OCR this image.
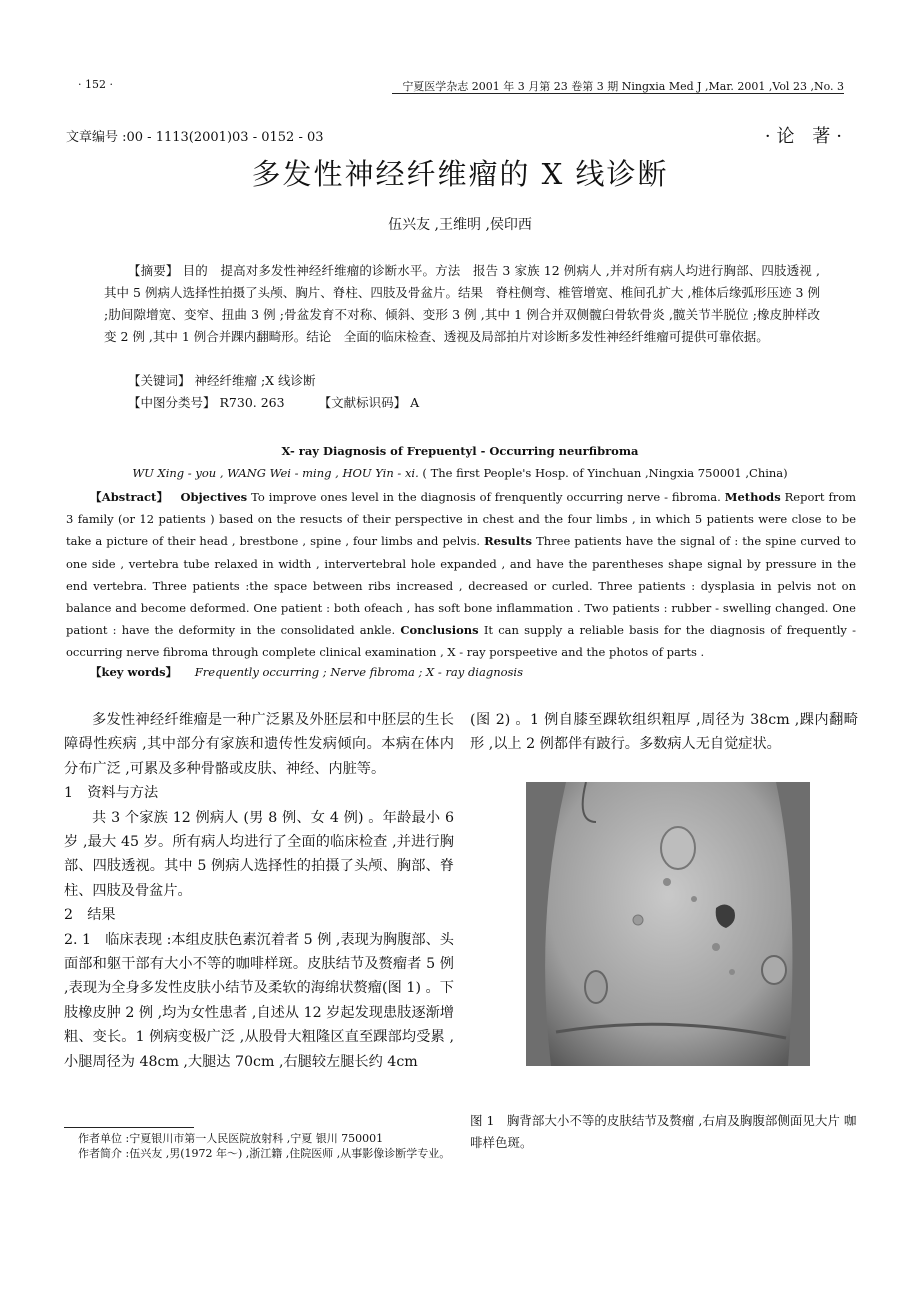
· 152 ·	宁夏医学杂志 2001 年 3 月第 23 卷第 3 期 Ningxia Med J ,Mar. 2001 ,Vol 23 ,No. 3
文章编号 :00 - 1113(2001)03 - 0152 - 03	·论 著·
多发性神经纤维瘤的 X 线诊断
伍兴友 ,王维明 ,侯印西
【摘要】 目的　提高对多发性神经纤维瘤的诊断水平。方法　报告 3 家族 12 例病人 ,并对所有病人均进行胸部、四肢透视 ,其中 5 例病人选择性拍摄了头颅、胸片、脊柱、四肢及骨盆片。结果　脊柱侧弯、椎管增宽、椎间孔扩大 ,椎体后缘弧形压迹 3 例 ;肋间隙增宽、变窄、扭曲 3 例 ;骨盆发育不对称、倾斜、变形 3 例 ,其中 1 例合并双侧髋臼骨软骨炎 ,髋关节半脱位 ;橡皮肿样改变 2 例 ,其中 1 例合并踝内翻畸形。结论　全面的临床检查、透视及局部拍片对诊断多发性神经纤维瘤可提供可靠依据。
【关键词】 神经纤维瘤 ;X 线诊断
【中图分类号】 R730. 263	【文献标识码】 A
X- ray Diagnosis of Frepuentyl - Occurring neurfibroma
WU Xing - you , WANG Wei - ming , HOU Yin - xi. ( The first People's Hosp. of Yinchuan ,Ningxia 750001 ,China)
【Abstract】 Objectives To improve ones level in the diagnosis of frenquently occurring nerve - fibroma. Methods Report from 3 family (or 12 patients ) based on the resucts of their perspective in chest and the four limbs , in which 5 patients were close to be take a picture of their head , brestbone , spine , four limbs and pelvis. Results Three patients have the signal of : the spine curved to one side , vertebra tube relaxed in width , intervertebral hole expanded , and have the parentheses shape signal by pressure in the end vertebra. Three patients :the space between ribs increased , decreased or curled. Three patients : dysplasia in pelvis not on balance and become deformed. One patient : both ofeach , has soft bone inflammation . Two patients : rubber - swelling changed. One pationt : have the deformity in the consolidated ankle. Conclusions It can supply a reliable basis for the diagnosis of frequently - occurring nerve fibroma through complete clinical examination , X - ray porspeetive and the photos of parts .
【key words】 Frequently occurring ; Nerve fibroma ; X - ray diagnosis
多发性神经纤维瘤是一种广泛累及外胚层和中胚层的生长障碍性疾病 ,其中部分有家族和遗传性发病倾向。本病在体内分布广泛 ,可累及多种骨骼或皮肤、神经、内脏等。
1　资料与方法
共 3 个家族 12 例病人 (男 8 例、女 4 例) 。年龄最小 6 岁 ,最大 45 岁。所有病人均进行了全面的临床检查 ,并进行胸部、四肢透视。其中 5 例病人选择性的拍摄了头颅、胸部、脊柱、四肢及骨盆片。
2　结果
2. 1　临床表现 :本组皮肤色素沉着者 5 例 ,表现为胸腹部、头面部和躯干部有大小不等的咖啡样斑。皮肤结节及赘瘤者 5 例 ,表现为全身多发性皮肤小结节及柔软的海绵状赘瘤(图 1) 。下肢橡皮肿 2 例 ,均为女性患者 ,自述从 12 岁起发现患肢逐渐增粗、变长。1 例病变极广泛 ,从股骨大粗隆区直至踝部均受累 ,小腿周径为 48cm ,大腿达 70cm ,右腿较左腿长约 4cm
(图 2) 。1 例自膝至踝软组织粗厚 ,周径为 38cm ,踝内翻畸形 ,以上 2 例都伴有跛行。多数病人无自觉症状。
作者单位 :宁夏银川市第一人民医院放射科 ,宁夏 银川 750001
作者简介 :伍兴友 ,男(1972 年～) ,浙江籍 ,住院医师 ,从事影像诊断学专业。
图 1　胸背部大小不等的皮肤结节及赘瘤 ,右肩及胸腹部侧面见大片 咖啡样色斑。
